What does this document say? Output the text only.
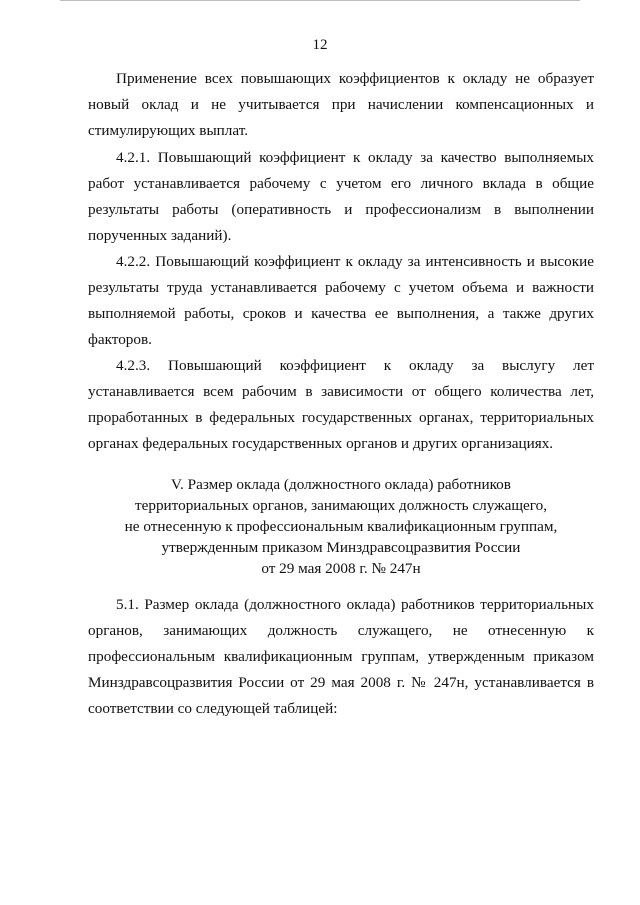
12

Применение всех повышающих коэффициентов к окладу не образует новый оклад и не учитывается при начислении компенсационных и стимулирующих выплат.

4.2.1. Повышающий коэффициент к окладу за качество выполняемых работ устанавливается рабочему с учетом его личного вклада в общие результаты работы (оперативность и профессионализм в выполнении порученных заданий).

4.2.2. Повышающий коэффициент к окладу за интенсивность и высокие результаты труда устанавливается рабочему с учетом объема и важности выполняемой работы, сроков и качества ее выполнения, а также других факторов.

4.2.3. Повышающий коэффициент к окладу за выслугу лет устанавливается всем рабочим в зависимости от общего количества лет, проработанных в федеральных государственных органах, территориальных органах федеральных государственных органов и других организациях.

V. Размер оклада (должностного оклада) работников
территориальных органов, занимающих должность служащего,
не отнесенную к профессиональным квалификационным группам,
утвержденным приказом Минздравсоцразвития России
от 29 мая 2008 г. № 247н

5.1. Размер оклада (должностного оклада) работников территориальных органов, занимающих должность служащего, не отнесенную к профессиональным квалификационным группам, утвержденным приказом Минздравсоцразвития России от 29 мая 2008 г. № 247н, устанавливается в соответствии со следующей таблицей:
